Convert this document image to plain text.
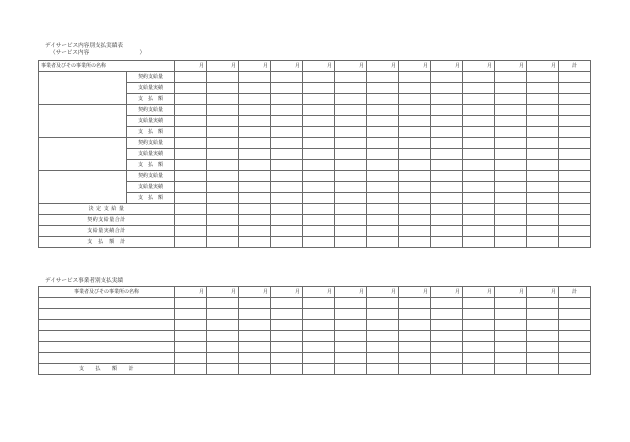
デイサービス内容別支払実績表
（サービス内容　　　　　　　　　）
事業者及びその事業所の名称		月	月	月	月	月	月	月	月	月	月	月	月	計
	契約支給量													
	支給量実績													
	支　払　額													
	契約支給量													
	支給量実績													
	支　払　額													
	契約支給量													
	支給量実績													
	支　払　額													
	契約支給量													
	支給量実績													
	支　払　額													
決 定 支 給 量														
契約支給量合計														
支給量実績合計														
支　払　額　計														
デイサービス事業者別支払実績
事業者及びその事業所の名称	月	月	月	月	月	月	月	月	月	月	月	月	計

支　　払　　額　　計													
